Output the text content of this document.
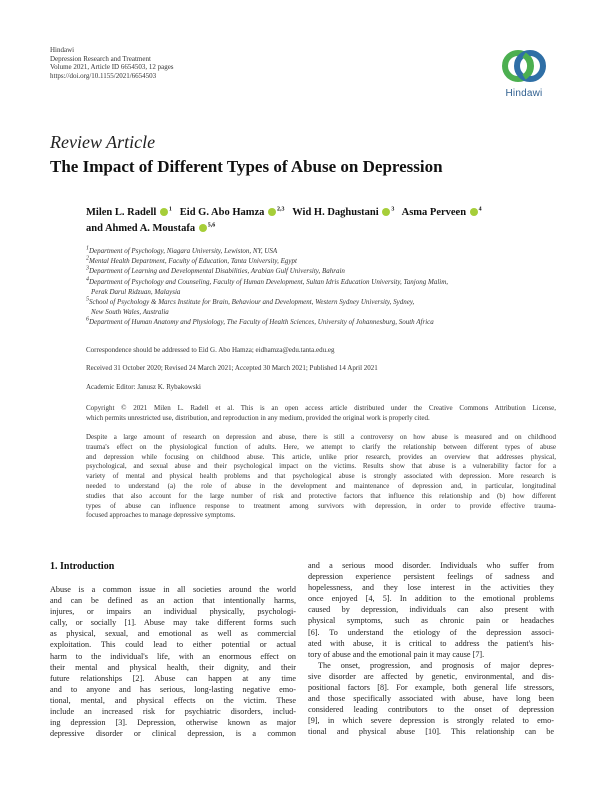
Hindawi
Depression Research and Treatment
Volume 2021, Article ID 6654503, 12 pages
https://doi.org/10.1155/2021/6654503
Hindawi
Review Article
The Impact of Different Types of Abuse on Depression
Milen L. Radell $^1$ Eid G. Abo Hamza $^{2,3}$ Wid H. Daghustani $^3$ Asma Perveen $^4$
and Ahmed A. Moustafa $^{5,6}$
$^1$Department of Psychology, Niagara University, Lewiston, NY, USA
$^2$Mental Health Department, Faculty of Education, Tanta University, Egypt
$^3$Department of Learning and Developmental Disabilities, Arabian Gulf University, Bahrain
$^4$Department of Psychology and Counseling, Faculty of Human Development, Sultan Idris Education University, Tanjong Malim,
Perak Darul Ridzuan, Malaysia
$^5$School of Psychology & Marcs Institute for Brain, Behaviour and Development, Western Sydney University, Sydney,
New South Wales, Australia
$^6$Department of Human Anatomy and Physiology, The Faculty of Health Sciences, University of Johannesburg, South Africa
Correspondence should be addressed to Eid G. Abo Hamza; eidhamza@edu.tanta.edu.eg
Received 31 October 2020; Revised 24 March 2021; Accepted 30 March 2021; Published 14 April 2021
Academic Editor: Janusz K. Rybakowski
Copyright © 2021 Milen L. Radell et al. This is an open access article distributed under the Creative Commons Attribution License,
which permits unrestricted use, distribution, and reproduction in any medium, provided the original work is properly cited.
Despite a large amount of research on depression and abuse, there is still a controversy on how abuse is measured and on childhood
trauma's effect on the physiological function of adults. Here, we attempt to clarify the relationship between different types of abuse
and depression while focusing on childhood abuse. This article, unlike prior research, provides an overview that addresses physical,
psychological, and sexual abuse and their psychological impact on the victims. Results show that abuse is a vulnerability factor for a
variety of mental and physical health problems and that psychological abuse is strongly associated with depression. More research is
needed to understand (a) the role of abuse in the development and maintenance of depression and, in particular, longitudinal
studies that also account for the large number of risk and protective factors that influence this relationship and (b) how different
types of abuse can influence response to treatment among survivors with depression, in order to provide effective trauma-
focused approaches to manage depressive symptoms.
1. Introduction
Abuse is a common issue in all societies around the world
and can be defined as an action that intentionally harms,
injures, or impairs an individual physically, psychologi-
cally, or socially [1]. Abuse may take different forms such
as physical, sexual, and emotional as well as commercial
exploitation. This could lead to either potential or actual
harm to the individual's life, with an enormous effect on
their mental and physical health, their dignity, and their
future relationships [2]. Abuse can happen at any time
and to anyone and has serious, long-lasting negative emo-
tional, mental, and physical effects on the victim. These
include an increased risk for psychiatric disorders, includ-
ing depression [3]. Depression, otherwise known as major
depressive disorder or clinical depression, is a common
and a serious mood disorder. Individuals who suffer from
depression experience persistent feelings of sadness and
hopelessness, and they lose interest in the activities they
once enjoyed [4, 5]. In addition to the emotional problems
caused by depression, individuals can also present with
physical symptoms, such as chronic pain or headaches
[6]. To understand the etiology of the depression associ-
ated with abuse, it is critical to address the patient's his-
tory of abuse and the emotional pain it may cause [7].
The onset, progression, and prognosis of major depres-
sive disorder are affected by genetic, environmental, and dis-
positional factors [8]. For example, both general life stressors,
and those specifically associated with abuse, have long been
considered leading contributors to the onset of depression
[9], in which severe depression is strongly related to emo-
tional and physical abuse [10]. This relationship can be
